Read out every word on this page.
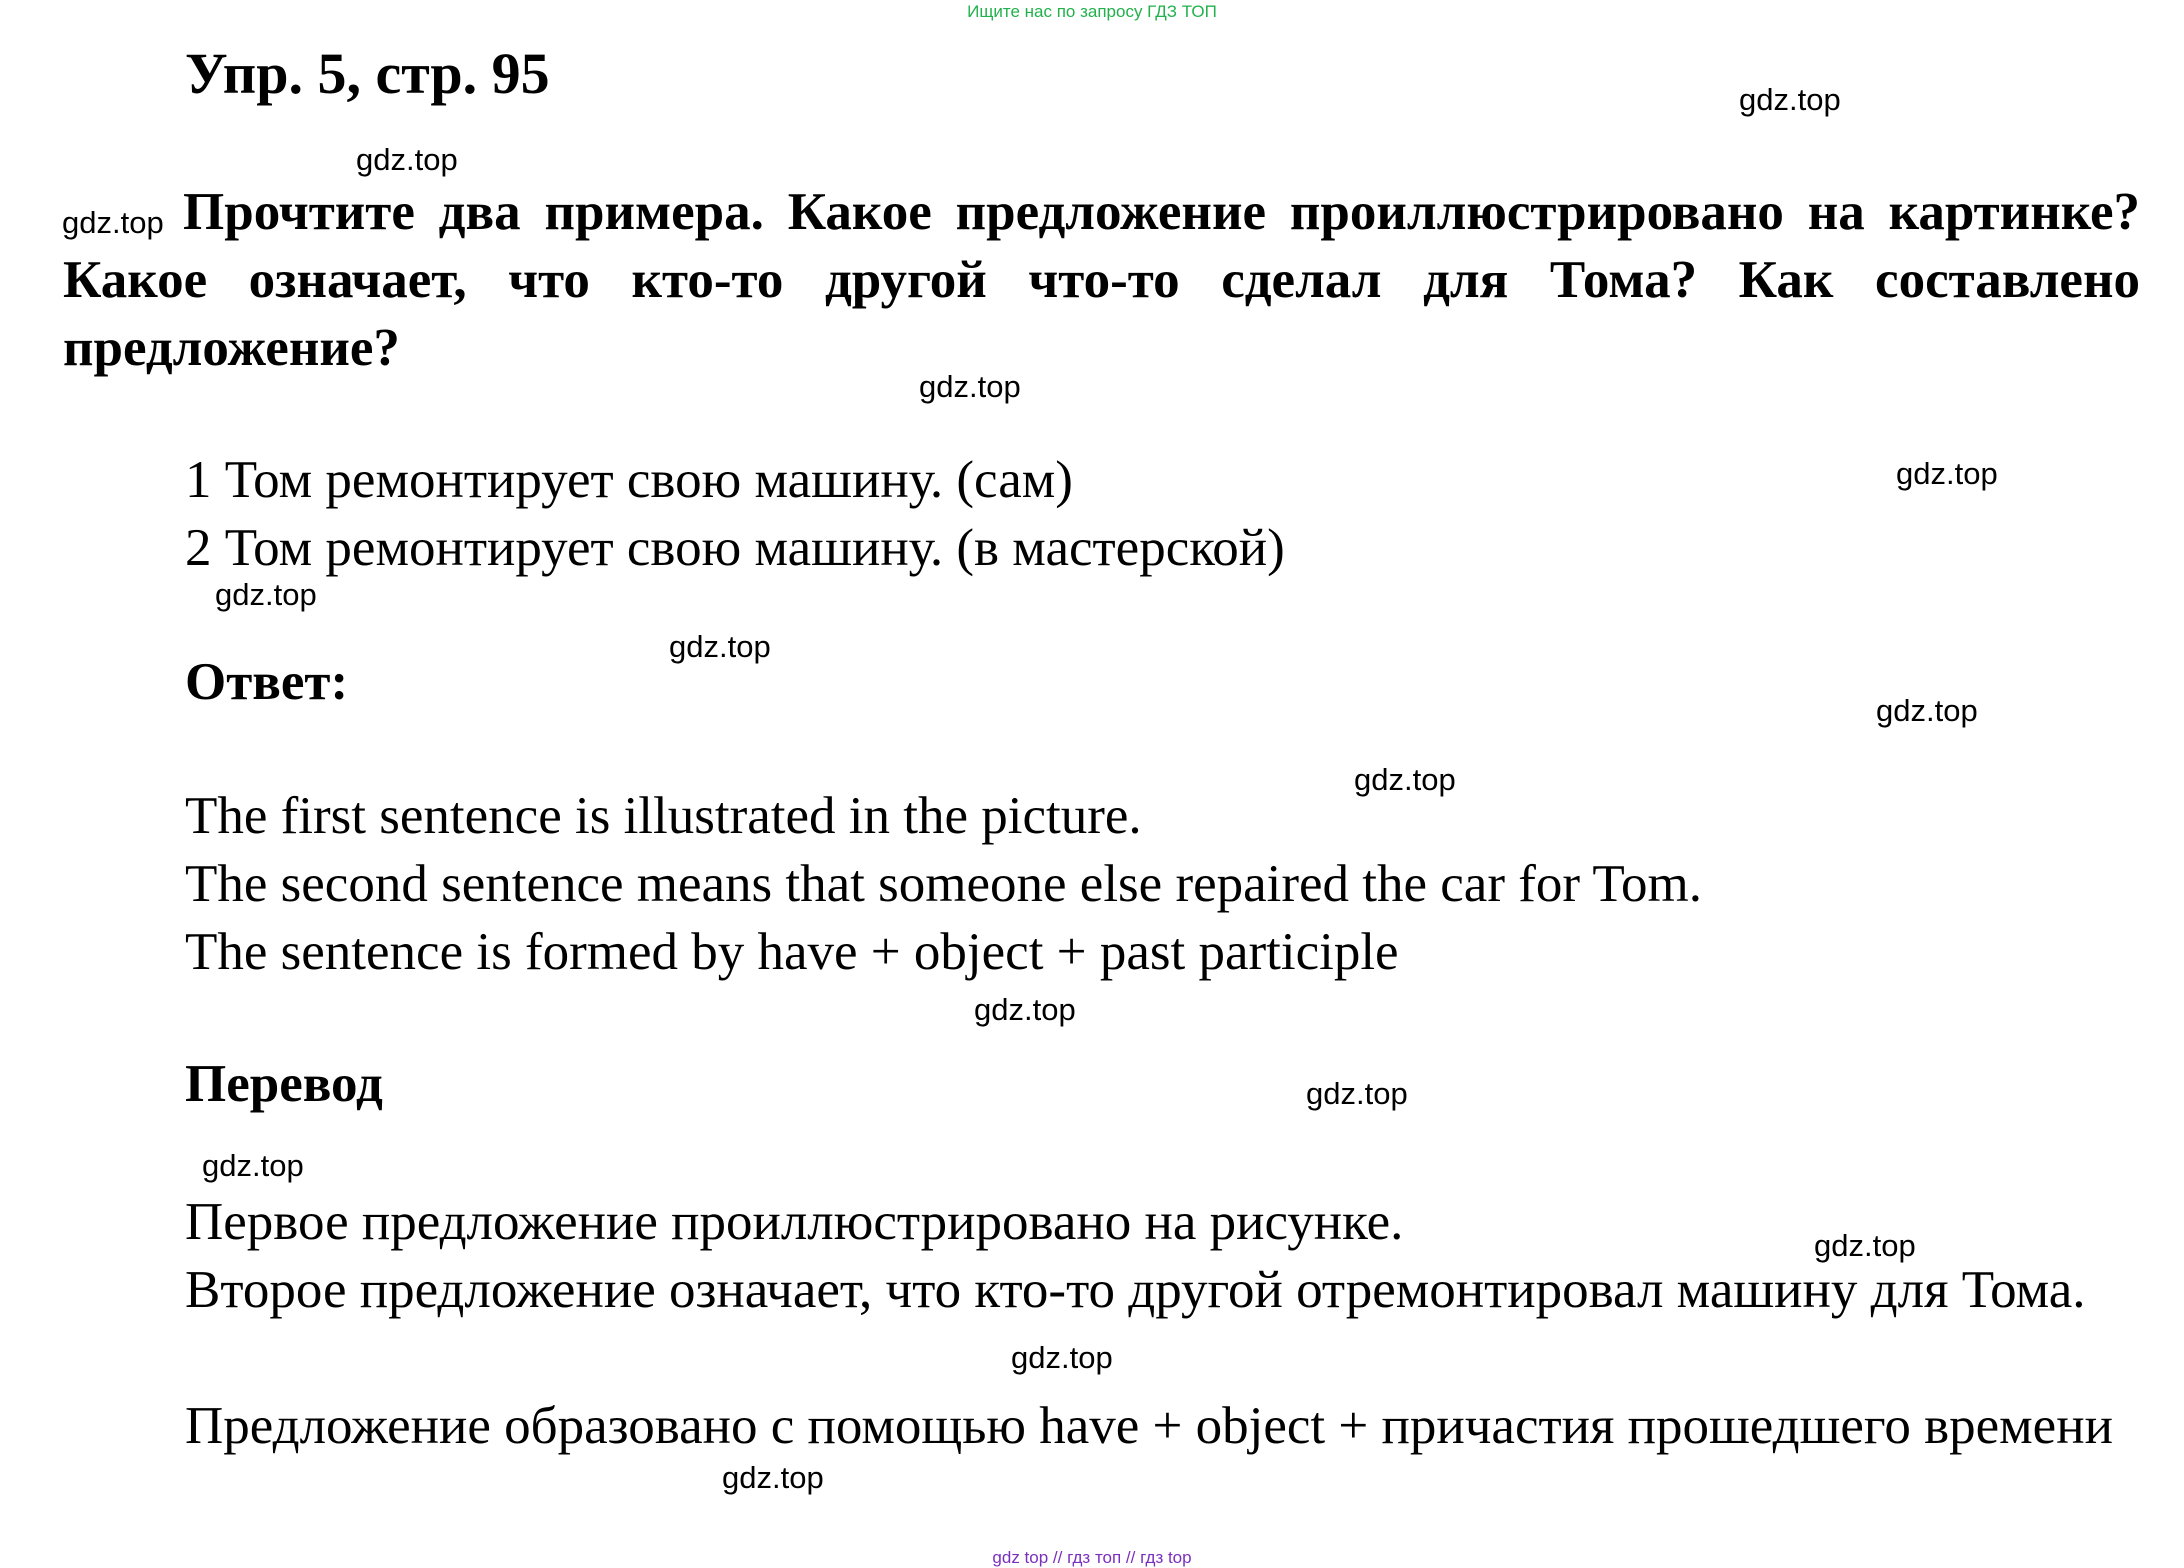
Ищите нас по запросу ГДЗ ТОП
Упр. 5, стр. 95

Прочтите два примера. Какое предложение проиллюстрировано на картинке? Какое означает, что кто-то другой что-то сделал для Тома? Как составлено предложение?

1 Том ремонтирует свою машину. (сам)
2 Том ремонтирует свою машину. (в мастерской)
Ответ:
The first sentence is illustrated in the picture.
The second sentence means that someone else repaired the car for Tom.
The sentence is formed by have + object + past participle
Перевод

Первое предложение проиллюстрировано на рисунке.

Второе предложение означает, что кто-то другой отремонтировал машину для Тома.

Предложение образовано с помощью have + object + причастия прошедшего времени

gdz.top
gdz.top
gdz.top
gdz.top
gdz.top
gdz.top
gdz.top
gdz.top
gdz.top
gdz.top
gdz.top
gdz.top
gdz.top
gdz.top
gdz.top
gdz top // гдз топ // гдз top
